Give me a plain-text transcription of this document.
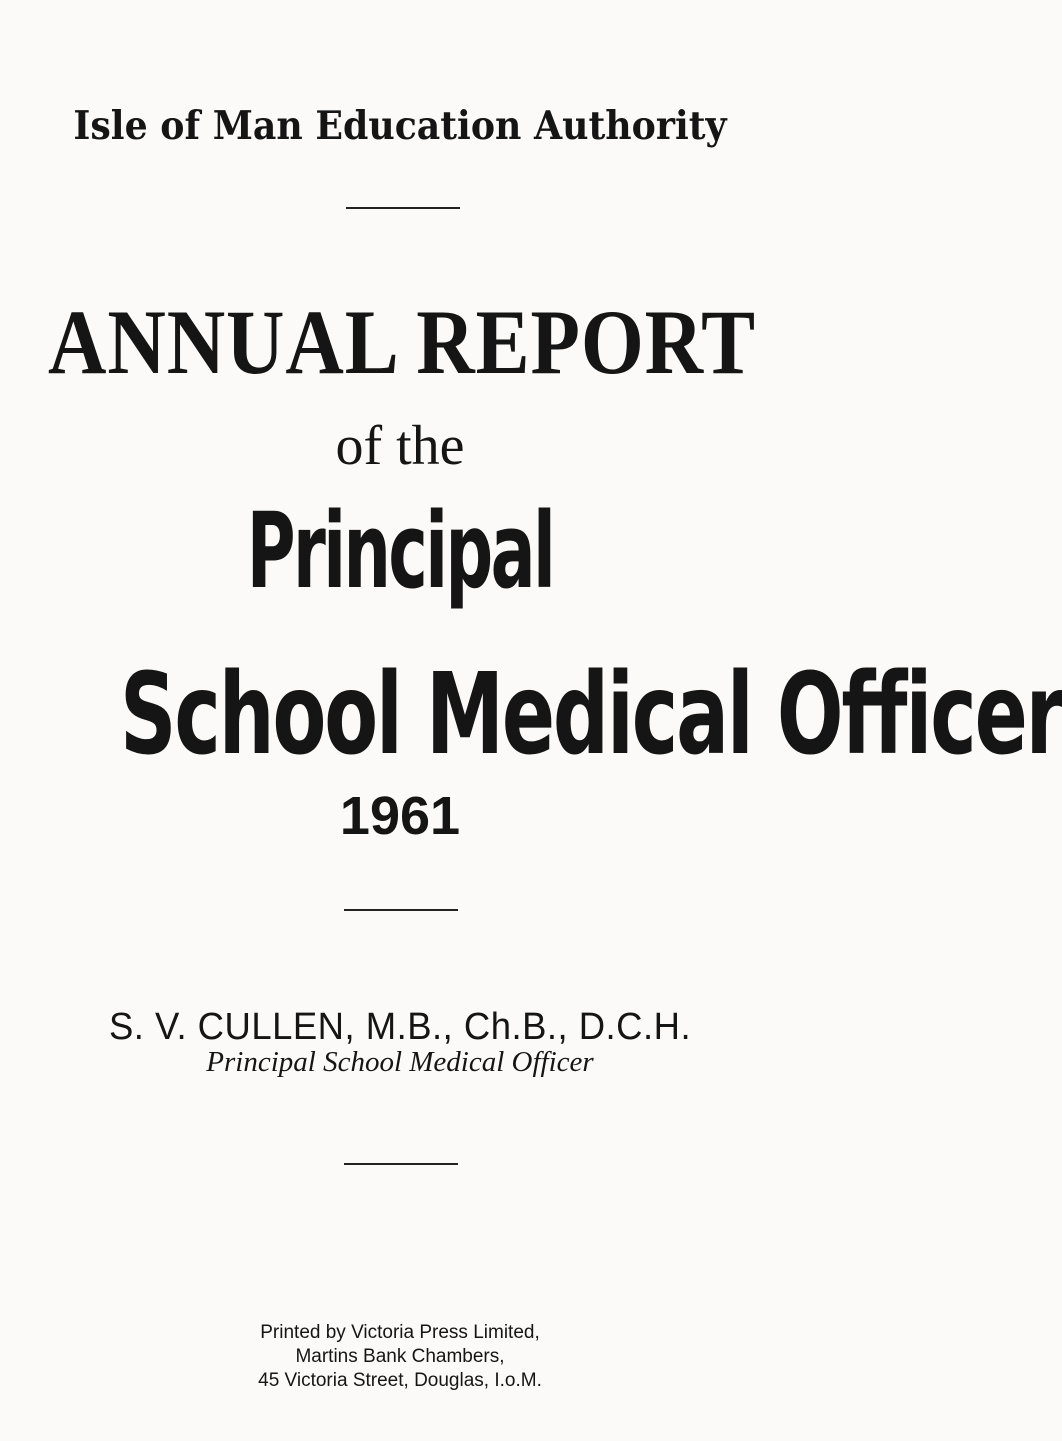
Isle of Man Education Authority
ANNUAL REPORT
of the
Principal
School Medical Officer
1961
S. V. CULLEN, M.B., Ch.B., D.C.H.
Principal School Medical Officer
Printed by Victoria Press Limited,
Martins Bank Chambers,
45 Victoria Street, Douglas, I.o.M.
